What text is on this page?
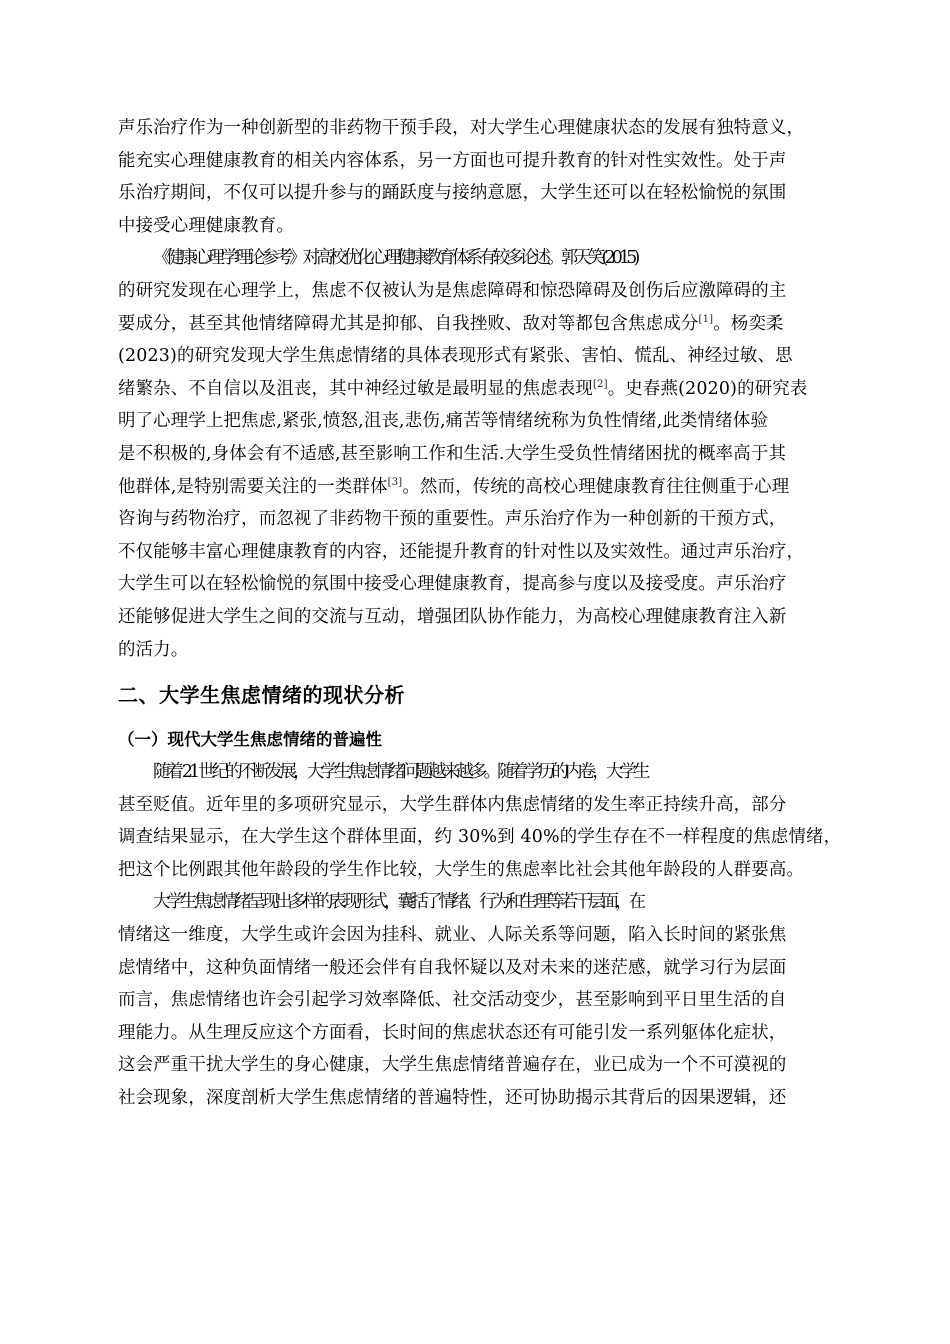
声乐治疗作为一种创新型的非药物干预手段，对大学生心理健康状态的发展有独特意义，
能充实心理健康教育的相关内容体系，另一方面也可提升教育的针对性实效性。处于声
乐治疗期间，不仅可以提升参与的踊跃度与接纳意愿，大学生还可以在轻松愉悦的氛围
中接受心理健康教育。

《健康心理学理论参考》对高校优化心理健康教育体系有较多论述。郭天笑(2015)
的研究发现在心理学上，焦虑不仅被认为是焦虑障碍和惊恐障碍及创伤后应激障碍的主
要成分，甚至其他情绪障碍尤其是抑郁、自我挫败、敌对等都包含焦虑成分[1]。杨奕柔
(2023)的研究发现大学生焦虑情绪的具体表现形式有紧张、害怕、慌乱、神经过敏、思
绪繁杂、不自信以及沮丧，其中神经过敏是最明显的焦虑表现[2]。史春燕(2020)的研究表
明了心理学上把焦虑,紧张,愤怒,沮丧,悲伤,痛苦等情绪统称为负性情绪,此类情绪体验
是不积极的,身体会有不适感,甚至影响工作和生活.大学生受负性情绪困扰的概率高于其
他群体,是特别需要关注的一类群体[3]。然而，传统的高校心理健康教育往往侧重于心理
咨询与药物治疗，而忽视了非药物干预的重要性。声乐治疗作为一种创新的干预方式，
不仅能够丰富心理健康教育的内容，还能提升教育的针对性以及实效性。通过声乐治疗，
大学生可以在轻松愉悦的氛围中接受心理健康教育，提高参与度以及接受度。声乐治疗
还能够促进大学生之间的交流与互动，增强团队协作能力，为高校心理健康教育注入新
的活力。

二、大学生焦虑情绪的现状分析
（一）现代大学生焦虑情绪的普遍性

随着 21 世纪的不断发展，大学生焦虑情绪问题越来越多。随着学历的内卷，大学生
甚至贬值。近年里的多项研究显示，大学生群体内焦虑情绪的发生率正持续升高，部分
调查结果显示，在大学生这个群体里面，约 30%到 40%的学生存在不一样程度的焦虑情绪，
把这个比例跟其他年龄段的学生作比较，大学生的焦虑率比社会其他年龄段的人群要高。

大学生焦虑情绪呈现出多样的表现形式，囊括了情绪、行为和生理等若干层面，在
情绪这一维度，大学生或许会因为挂科、就业、人际关系等问题，陷入长时间的紧张焦
虑情绪中，这种负面情绪一般还会伴有自我怀疑以及对未来的迷茫感，就学习行为层面
而言，焦虑情绪也许会引起学习效率降低、社交活动变少，甚至影响到平日里生活的自
理能力。从生理反应这个方面看，长时间的焦虑状态还有可能引发一系列躯体化症状，
这会严重干扰大学生的身心健康，大学生焦虑情绪普遍存在，业已成为一个不可漠视的
社会现象，深度剖析大学生焦虑情绪的普遍特性，还可协助揭示其背后的因果逻辑，还
